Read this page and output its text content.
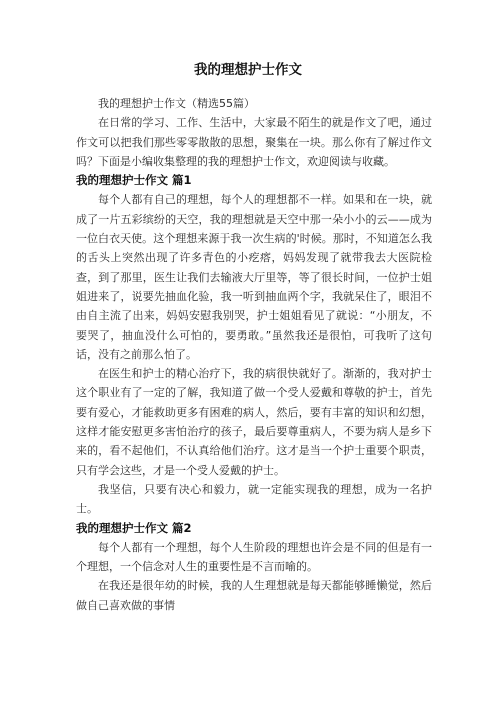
我的理想护士作文

我的理想护士作文（精选55篇）

在日常的学习、工作、生活中，大家最不陌生的就是作文了吧，通过作文可以把我们那些零零散散的思想，聚集在一块。那么你有了解过作文吗？下面是小编收集整理的我的理想护士作文，欢迎阅读与收藏。

我的理想护士作文 篇1

每个人都有自己的理想，每个人的理想都不一样。如果和在一块，就成了一片五彩缤纷的天空，我的理想就是天空中那一朵小小的云——成为一位白衣天使。这个理想来源于我一次生病的'时候。那时，不知道怎么我的舌头上突然出现了许多青色的小疙瘩，妈妈发现了就带我去大医院检查，到了那里，医生让我们去输液大厅里等，等了很长时间，一位护士姐姐进来了，说要先抽血化验，我一听到抽血两个字，我就呆住了，眼泪不由自主流了出来，妈妈安慰我别哭，护士姐姐看见了就说：“小朋友，不要哭了，抽血没什么可怕的，要勇敢。”虽然我还是很怕，可我听了这句话，没有之前那么怕了。

在医生和护士的精心治疗下，我的病很快就好了。渐渐的，我对护士这个职业有了一定的了解，我知道了做一个受人爱戴和尊敬的护士，首先要有爱心，才能救助更多有困难的病人，然后，要有丰富的知识和幻想，这样才能安慰更多害怕治疗的孩子，最后要尊重病人，不要为病人是乡下来的，看不起他们，不认真给他们治疗。这才是当一个护士重要个职责，只有学会这些，才是一个受人爱戴的护士。

我坚信，只要有决心和毅力，就一定能实现我的理想，成为一名护士。

我的理想护士作文 篇2

每个人都有一个理想，每个人生阶段的理想也许会是不同的但是有一个理想，一个信念对人生的重要性是不言而喻的。

在我还是很年幼的时候，我的人生理想就是每天都能够睡懒觉，然后做自己喜欢做的事情
